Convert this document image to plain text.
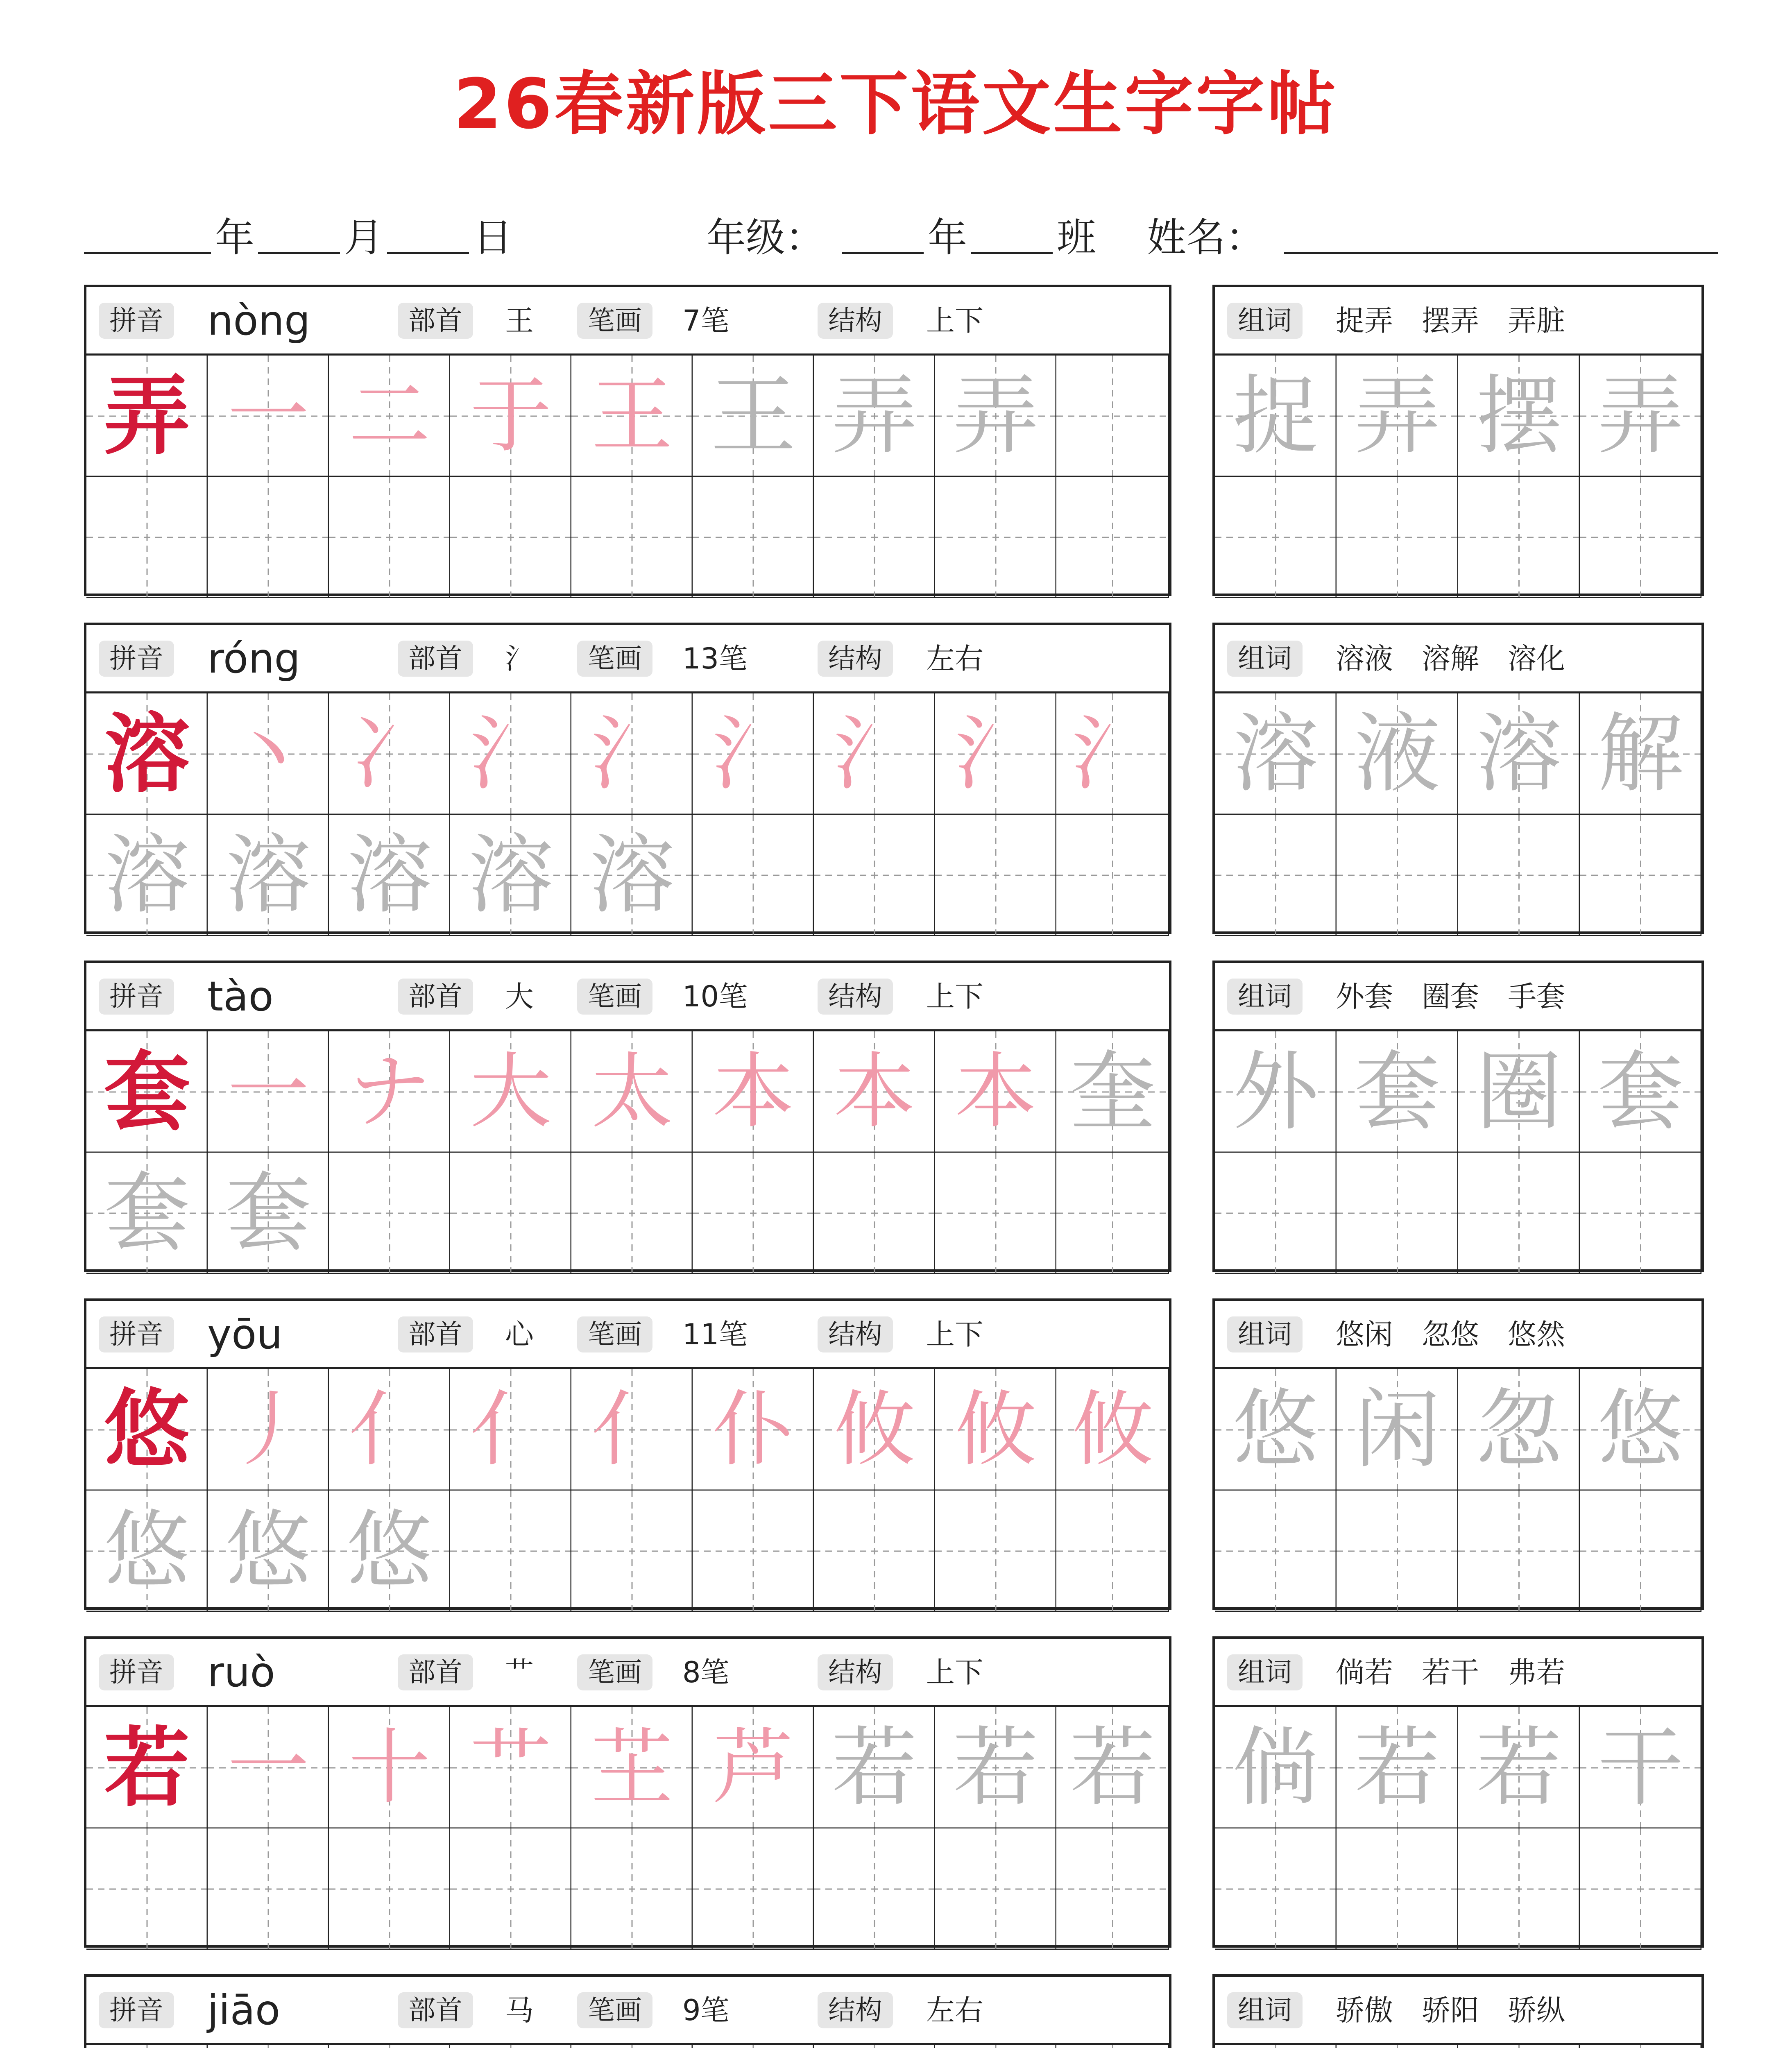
26春新版三下语文生字字帖
年 月 日	年级：	年 班 姓名：
拼音 nòng	部首	王	笔画	7笔	结构	上下
弄 一 二 于 王 王 弄 弄
组词	捉弄　摆弄　弄脏
捉 弄 摆 弄
拼音 róng	部首	氵	笔画	13笔	结构	左右
溶 丶 冫 氵 氵 氵 氵 氵 氵
溶 溶 溶 溶 溶
组词	溶液　溶解　溶化
溶 液 溶 解
拼音 tào	部首	大	笔画	10笔	结构	上下
套 一 ナ 大 太 本 本 本 奎
套 套
组词	外套　圈套　手套
外 套 圈 套
拼音 yōu	部首	心	笔画	11笔	结构	上下
悠 丿 亻 亻 亻 仆 攸 攸 攸
悠 悠 悠
组词	悠闲　忽悠　悠然
悠 闲 忽 悠
拼音 ruò	部首	艹	笔画	8笔	结构	上下
若 一 十 艹 芏 芦 若 若 若
组词	倘若　若干　弗若
倘 若 若 干
拼音 jiāo	部首	马	笔画	9笔	结构	左右	组词	骄傲　骄阳　骄纵
